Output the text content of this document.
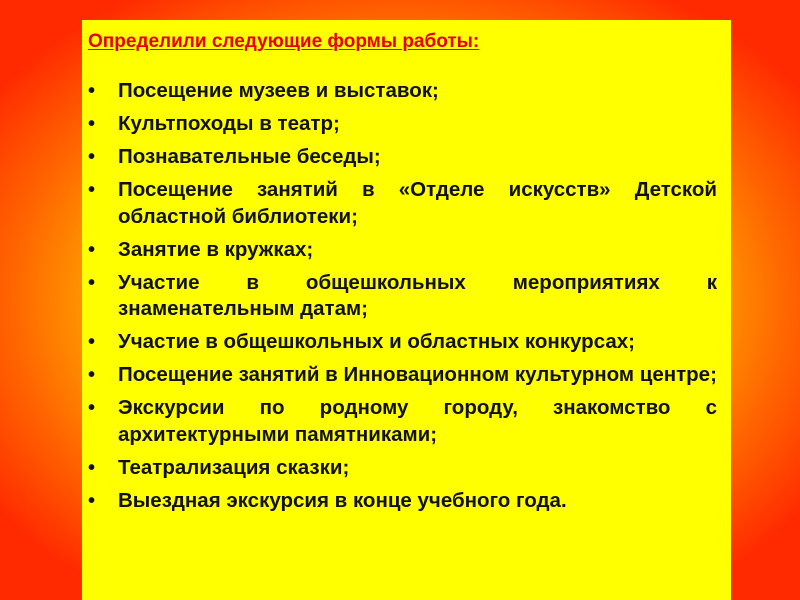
Определили следующие формы работы:
•	Посещение музеев и выставок;
•	Культпоходы в театр;
•	Познавательные беседы;
•	Посещение занятий в «Отделе искусств» Детской областной библиотеки;
•	Занятие в кружках;
•	Участие в общешкольных мероприятиях к знаменательным датам;
•	Участие в общешкольных и областных конкурсах;
•	Посещение занятий в Инновационном культурном центре;
•	Экскурсии по родному городу, знакомство с архитектурными памятниками;
•	Театрализация сказки;
•	Выездная экскурсия в конце учебного года.
